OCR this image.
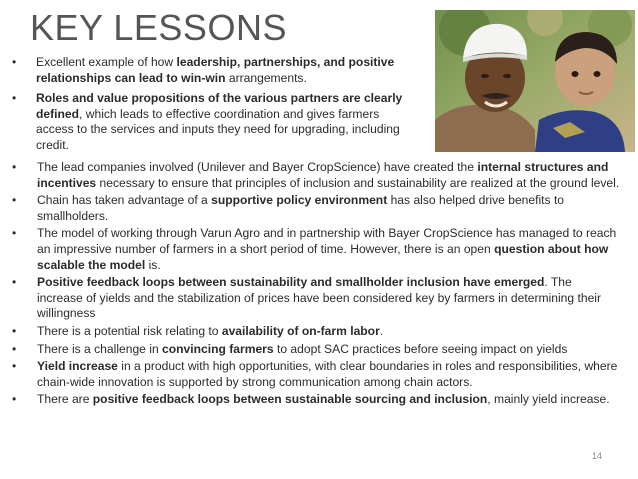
KEY LESSONS
• Excellent example of how leadership, partnerships, and positive relationships can lead to win-win arrangements.
• Roles and value propositions of the various partners are clearly defined, which leads to effective coordination and gives farmers access to the services and inputs they need for upgrading, including credit.
• The lead companies involved (Unilever and Bayer CropScience) have created the internal structures and incentives necessary to ensure that principles of inclusion and sustainability are realized at the ground level.
• Chain has taken advantage of a supportive policy environment has also helped drive benefits to smallholders.
• The model of working through Varun Agro and in partnership with Bayer CropScience has managed to reach an impressive number of farmers in a short period of time. However, there is an open question about how scalable the model is.
• Positive feedback loops between sustainability and smallholder inclusion have emerged. The increase of yields and the stabilization of prices have been considered key by farmers in determining their willingness
• There is a potential risk relating to availability of on-farm labor.
• There is a challenge in convincing farmers to adopt SAC practices before seeing impact on yields
• Yield increase in a product with high opportunities, with clear boundaries in roles and responsibilities, where chain-wide innovation is supported by strong communication among chain actors.
• There are positive feedback loops between sustainable sourcing and inclusion, mainly yield increase.
14
